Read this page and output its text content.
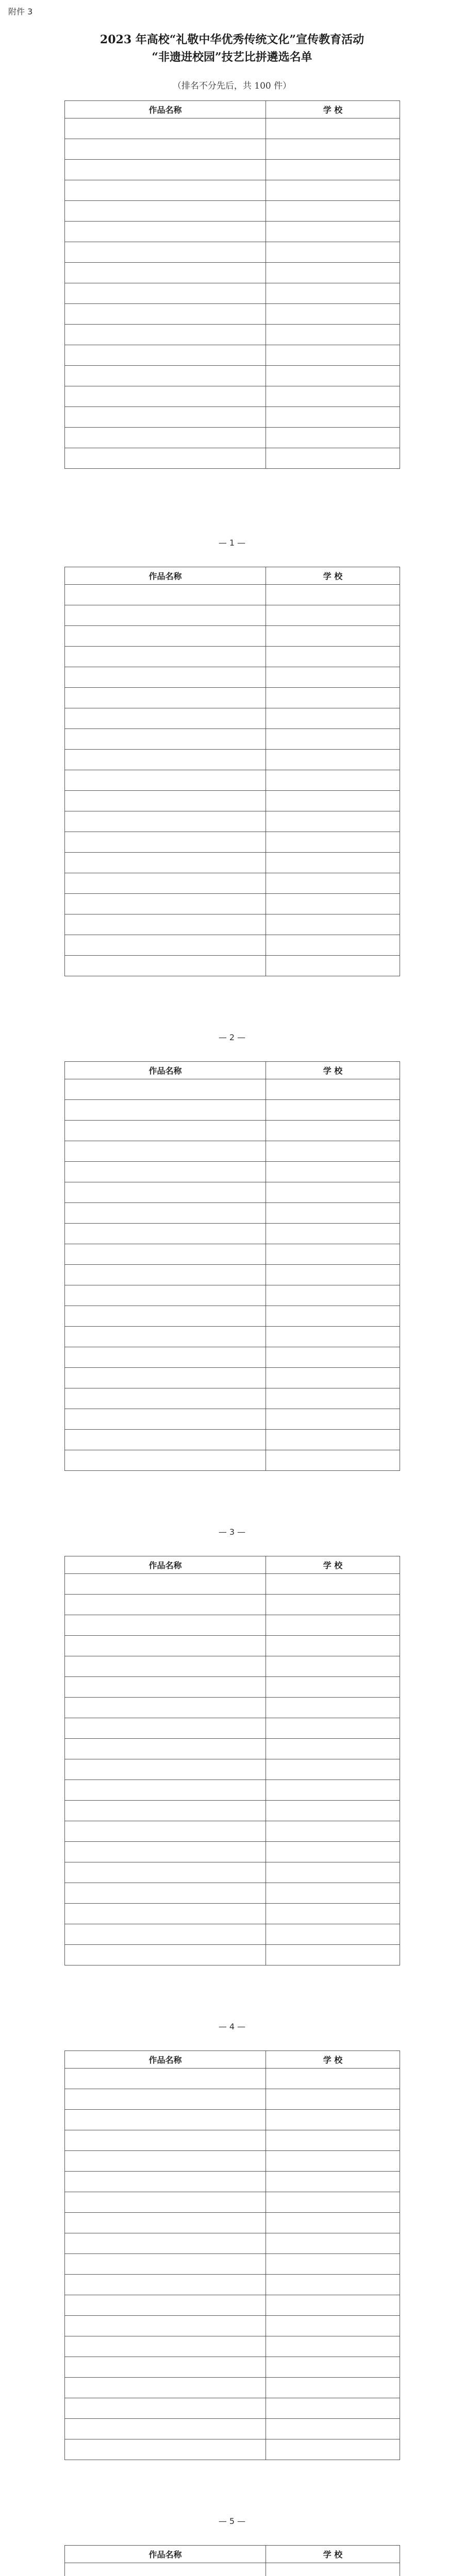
附件 3
2023 年高校“礼敬中华优秀传统文化”宣传教育活动
“非遗进校园”技艺比拼遴选名单
（排名不分先后，共 100 件）
作品名称	学 校

— 1 —
作品名称	学 校

— 2 —
作品名称	学 校

— 3 —
作品名称	学 校

— 4 —
作品名称	学 校

— 5 —
作品名称	学 校
